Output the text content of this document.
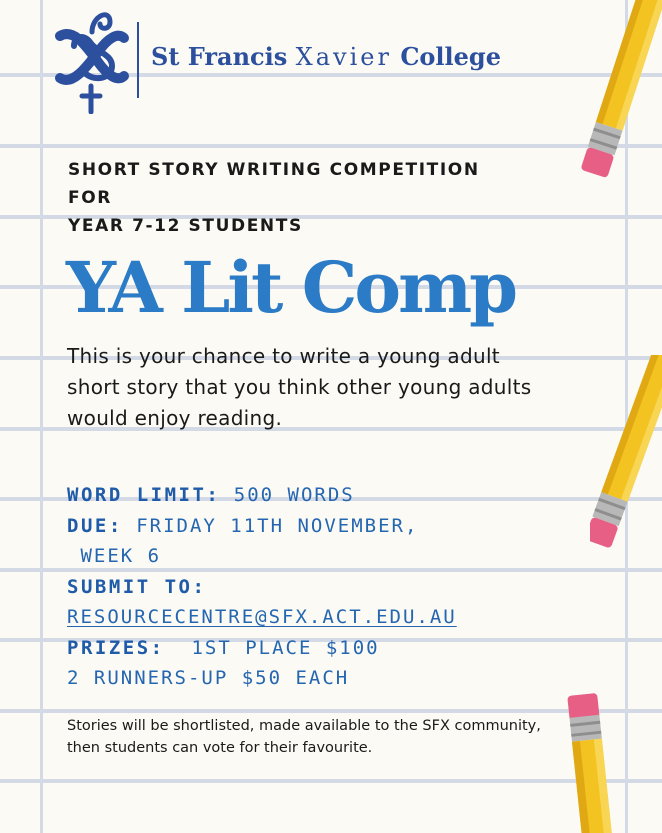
St Francis Xavier College
SHORT STORY WRITING COMPETITION
FOR
YEAR 7-12 STUDENTS
YA Lit Comp

This is your chance to write a young adult short story that you think other young adults would enjoy reading.

WORD LIMIT: 500 WORDS
DUE: FRIDAY 11TH NOVEMBER,
WEEK 6
SUBMIT TO:
RESOURCECENTRE@SFX.ACT.EDU.AU
PRIZES:  1ST PLACE $100
2 RUNNERS-UP $50 EACH

Stories will be shortlisted, made available to the SFX community, then students can vote for their favourite.
